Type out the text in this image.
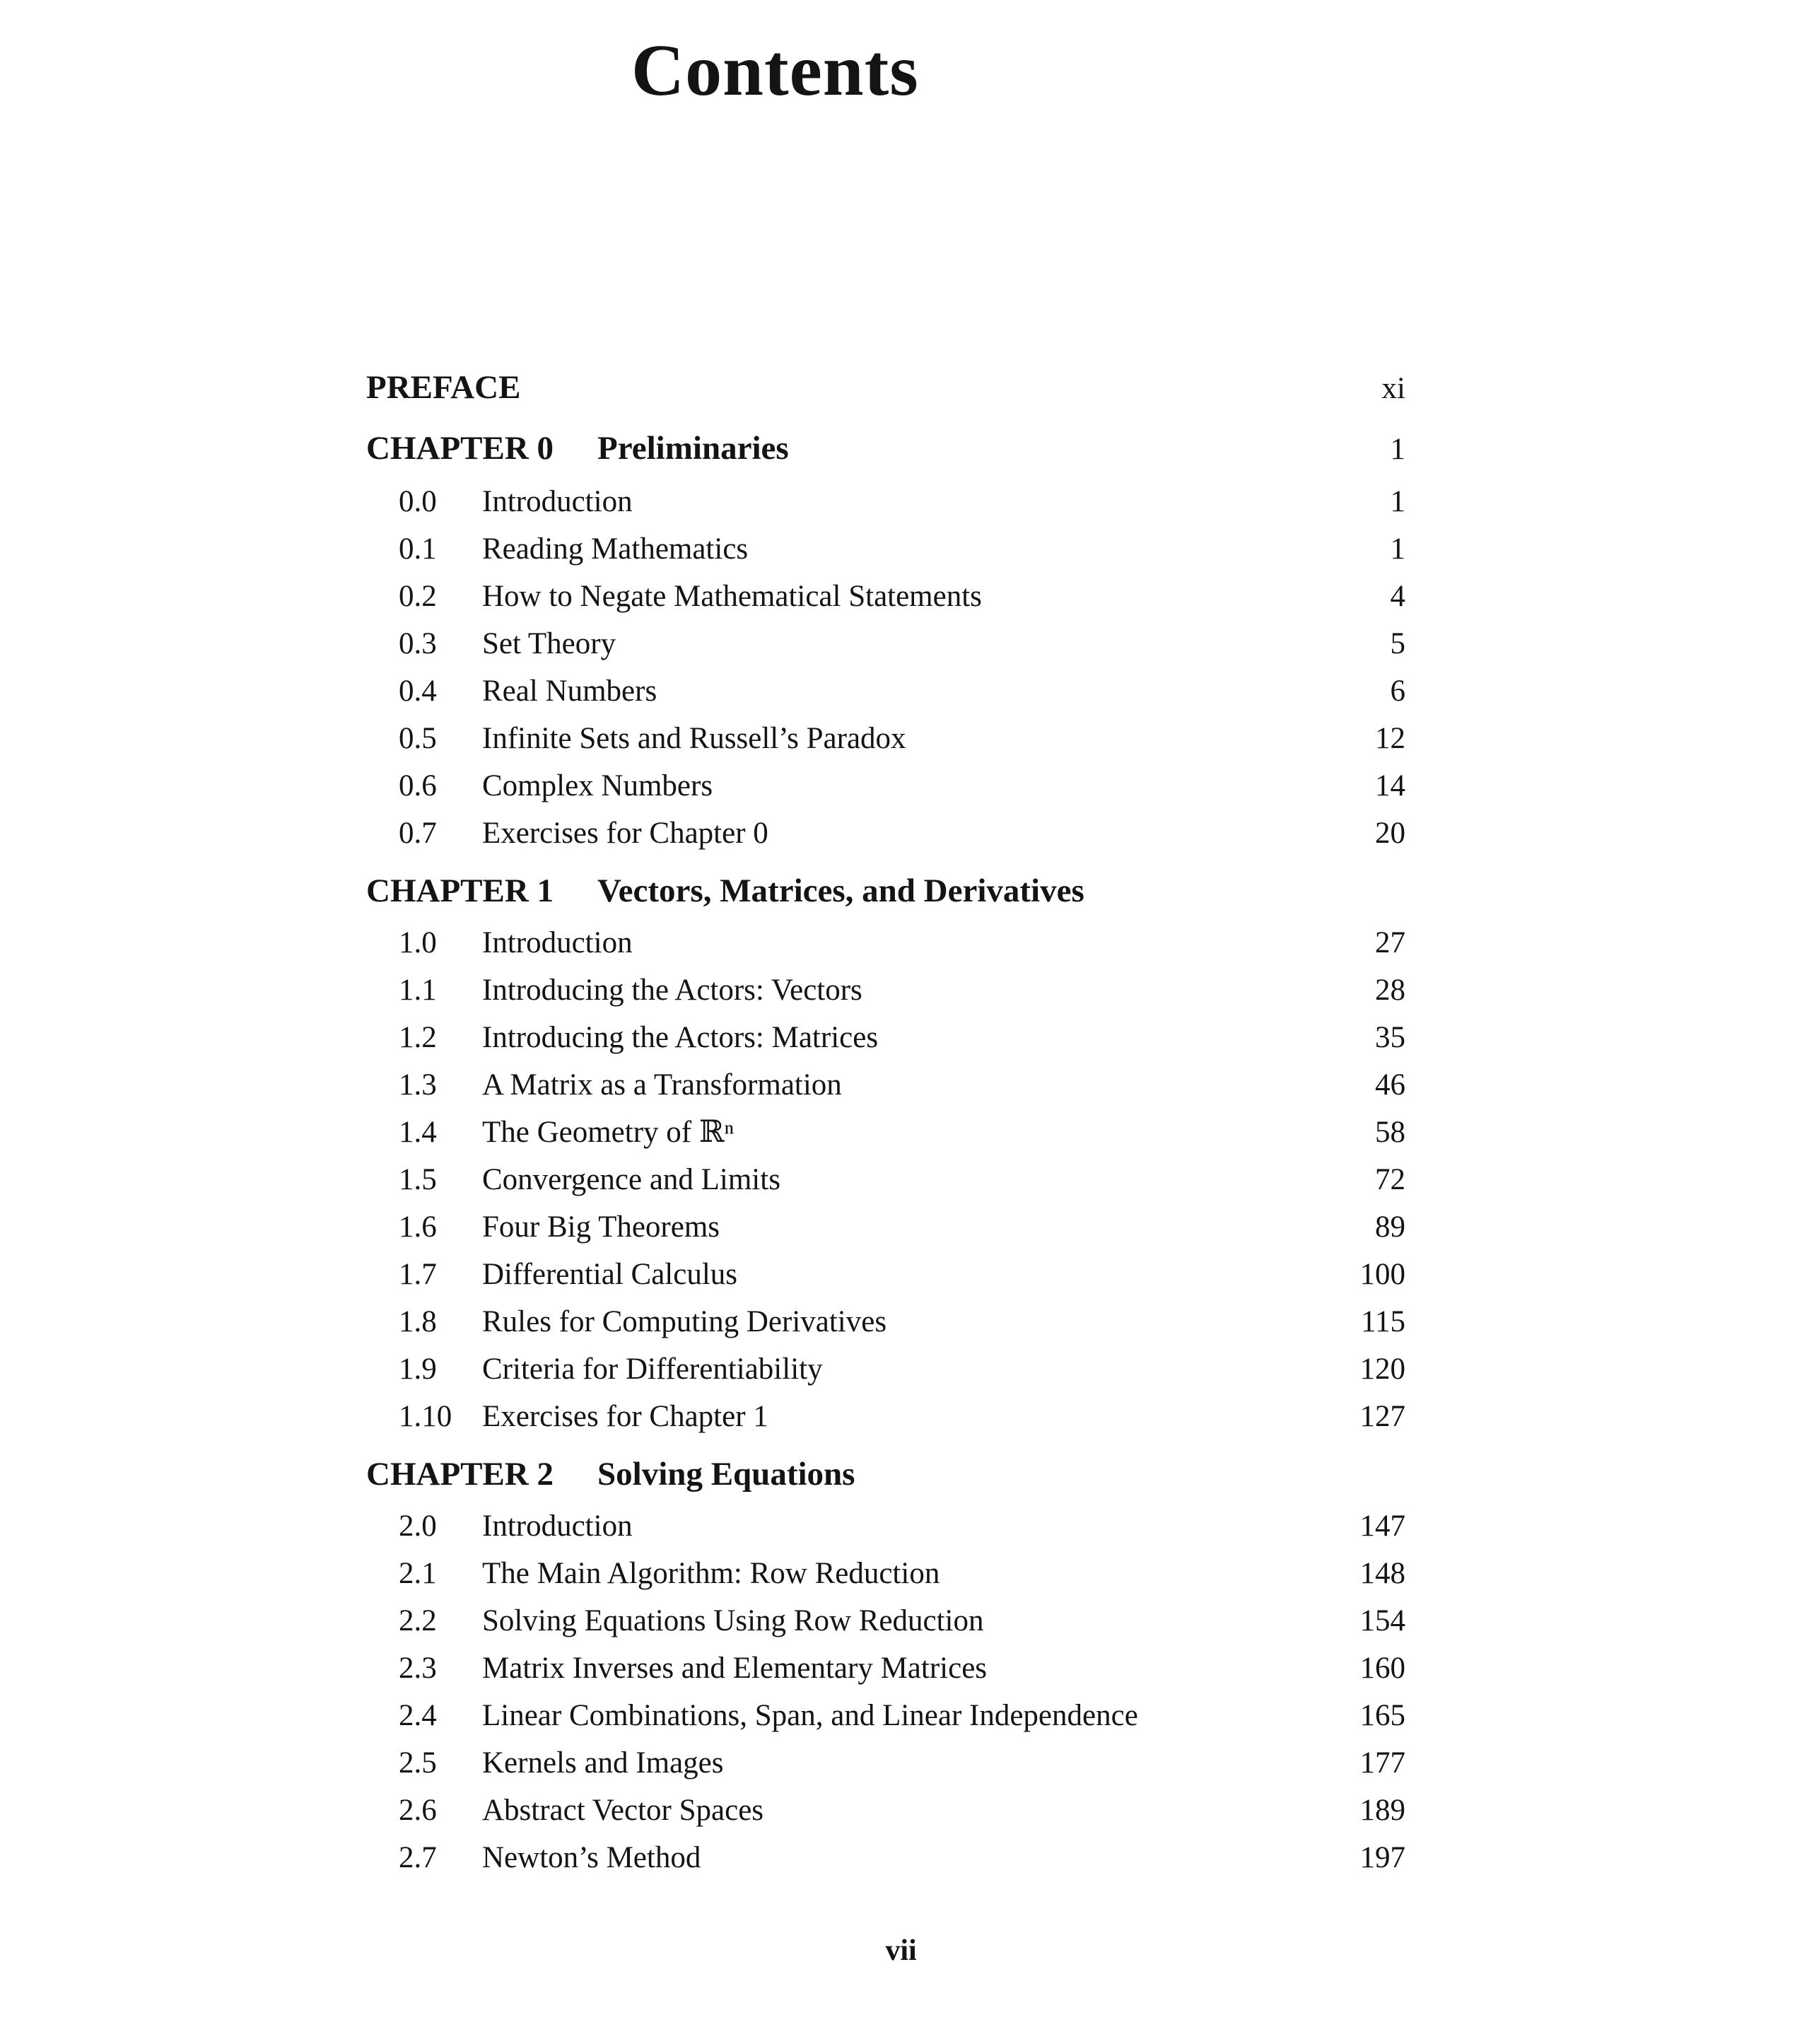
Contents
PREFACE	xi
CHAPTER 0 Preliminaries	1
0.0	Introduction	1
0.1	Reading Mathematics	1
0.2	How to Negate Mathematical Statements	4
0.3	Set Theory	5
0.4	Real Numbers	6
0.5	Infinite Sets and Russell’s Paradox	12
0.6	Complex Numbers	14
0.7	Exercises for Chapter 0	20
CHAPTER 1 Vectors, Matrices, and Derivatives
1.0	Introduction	27
1.1	Introducing the Actors: Vectors	28
1.2	Introducing the Actors: Matrices	35
1.3	A Matrix as a Transformation	46
1.4	The Geometry of ℝⁿ	58
1.5	Convergence and Limits	72
1.6	Four Big Theorems	89
1.7	Differential Calculus	100
1.8	Rules for Computing Derivatives	115
1.9	Criteria for Differentiability	120
1.10 Exercises for Chapter 1	127
CHAPTER 2 Solving Equations
2.0	Introduction	147
2.1	The Main Algorithm: Row Reduction	148
2.2	Solving Equations Using Row Reduction	154
2.3	Matrix Inverses and Elementary Matrices	160
2.4	Linear Combinations, Span, and Linear Independence	165
2.5	Kernels and Images	177
2.6	Abstract Vector Spaces	189
2.7	Newton’s Method	197
vii
